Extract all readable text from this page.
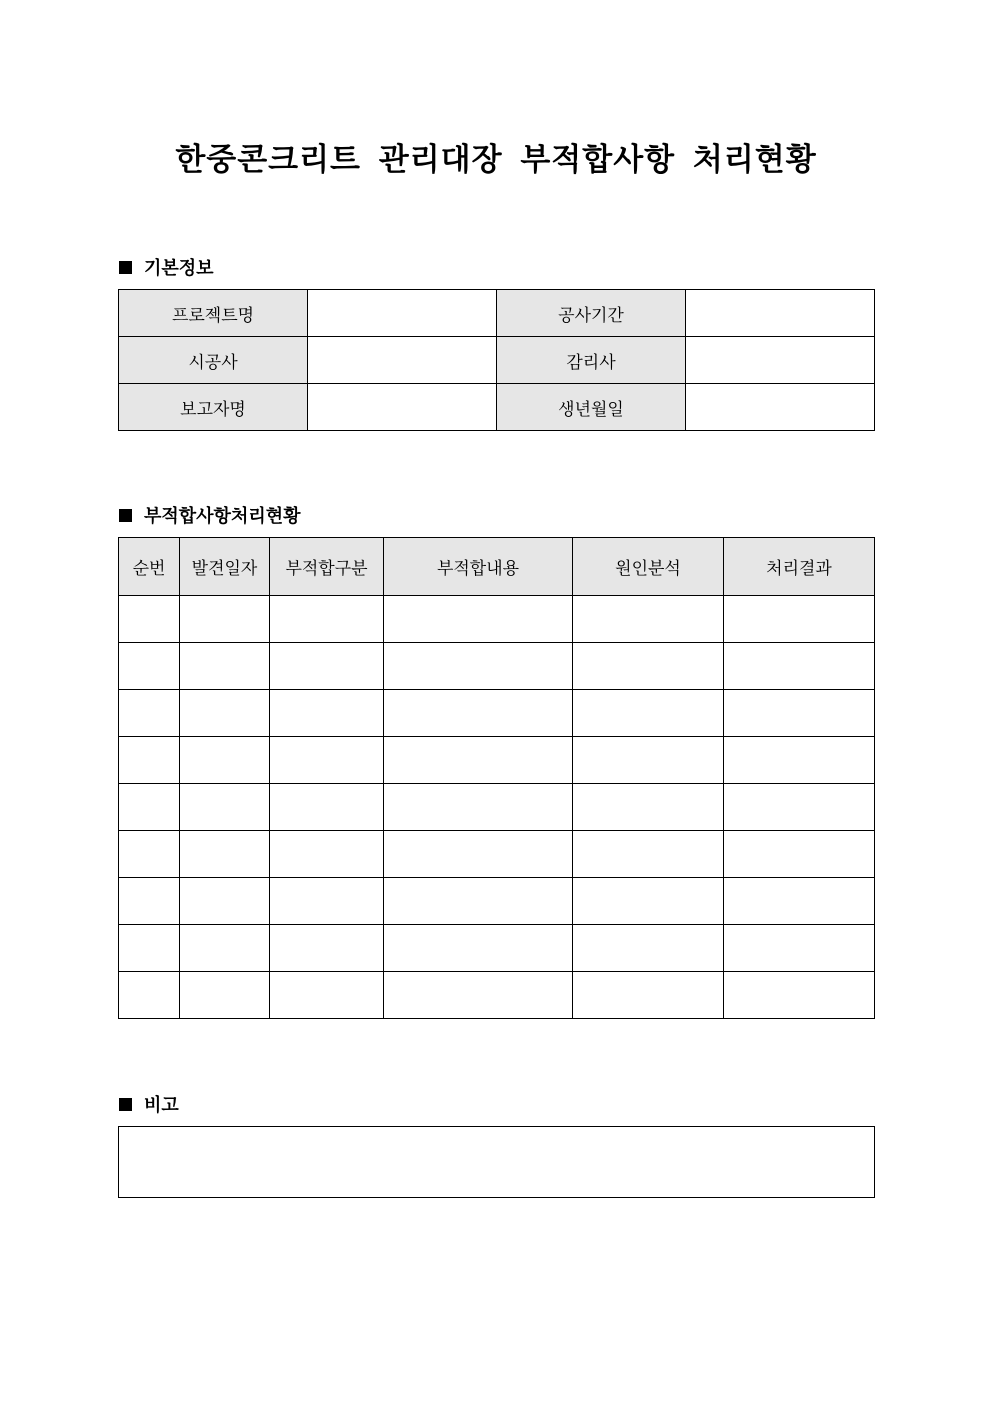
한중콘크리트 관리대장 부적합사항 처리현황
기본정보
프로젝트명		공사기간	
시공사		감리사	
보고자명		생년월일	
부적합사항처리현황
순번	발견일자	부적합구분	부적합내용	원인분석	처리결과

비고
